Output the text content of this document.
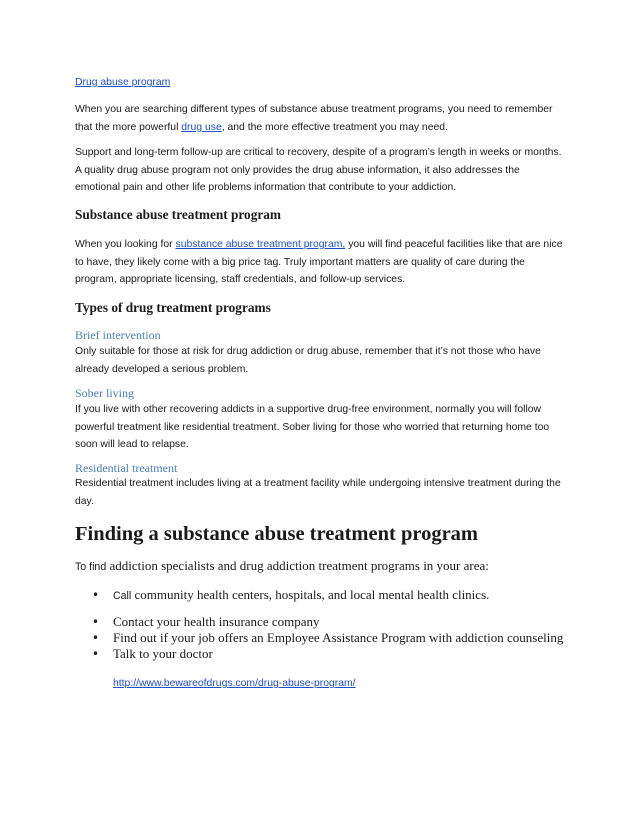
Drug abuse program

When you are searching different types of substance abuse treatment programs, you need to remember that the more powerful drug use, and the more effective treatment you may need.

Support and long-term follow-up are critical to recovery, despite of a program’s length in weeks or months. A quality drug abuse program not only provides the drug abuse information, it also addresses the emotional pain and other life problems information that contribute to your addiction.

Substance abuse treatment program

When you looking for substance abuse treatment program, you will find peaceful facilities like that are nice to have, they likely come with a big price tag. Truly important matters are quality of care during the program, appropriate licensing, staff credentials, and follow-up services.

Types of drug treatment programs
Brief intervention

Only suitable for those at risk for drug addiction or drug abuse, remember that it’s not those who have already developed a serious problem.

Sober living

If you live with other recovering addicts in a supportive drug-free environment, normally you will follow powerful treatment like residential treatment. Sober living for those who worried that returning home too soon will lead to relapse.

Residential treatment

Residential treatment includes living at a treatment facility while undergoing intensive treatment during the day.

Finding a substance abuse treatment program

To find addiction specialists and drug addiction treatment programs in your area:

• Call community health centers, hospitals, and local mental health clinics.
• Contact your health insurance company
• Find out if your job offers an Employee Assistance Program with addiction counseling
• Talk to your doctor
http://www.bewareofdrugs.com/drug-abuse-program/
